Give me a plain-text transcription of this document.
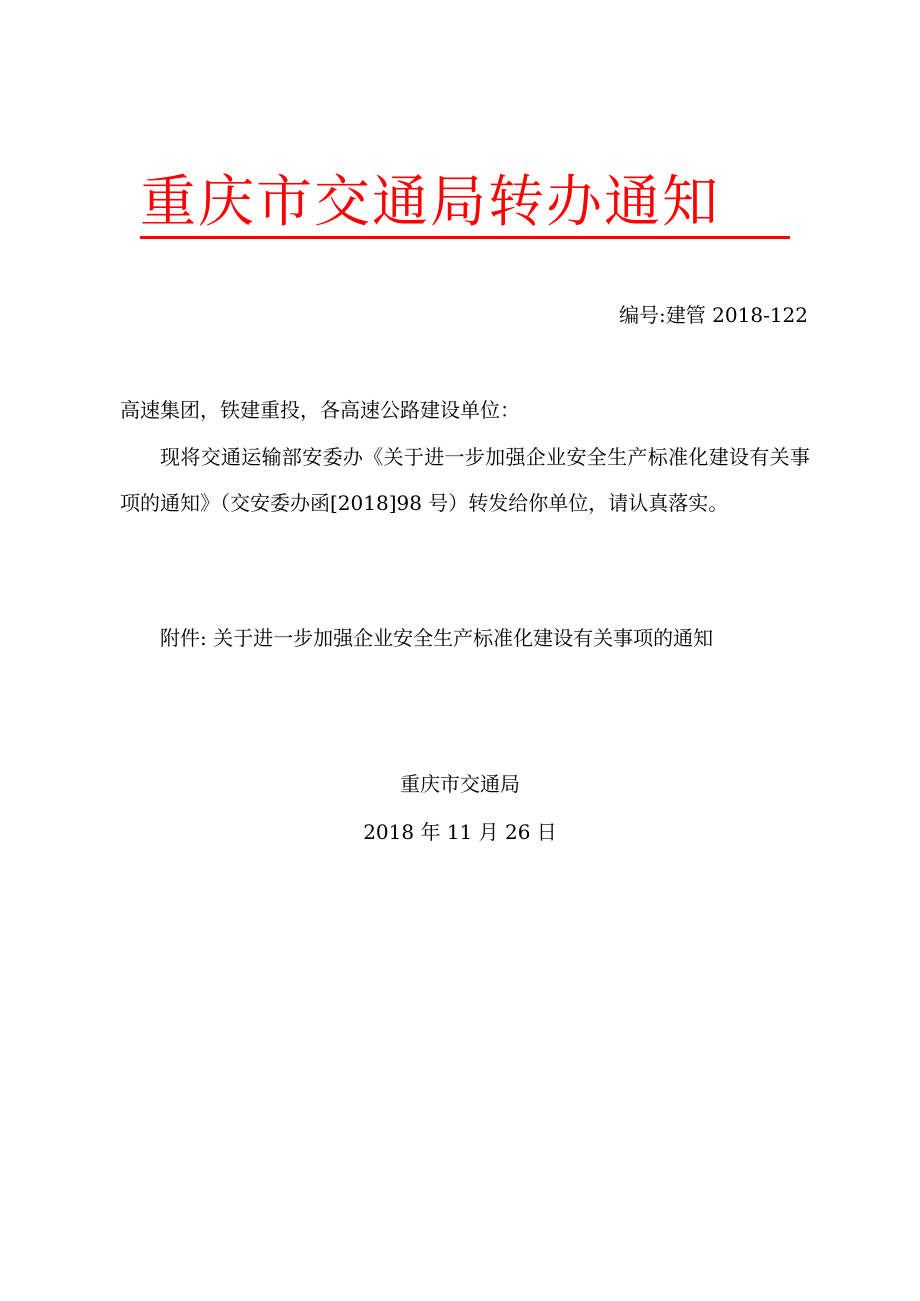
重庆市交通局转办通知
编号:建管 2018-122
高速集团，铁建重投，各高速公路建设单位：

现将交通运输部安委办《关于进一步加强企业安全生产标准化建设有关事项的通知》（交安委办函[2018]98 号）转发给你单位，请认真落实。

附件: 关于进一步加强企业安全生产标准化建设有关事项的通知
重庆市交通局
2018 年 11 月 26 日
